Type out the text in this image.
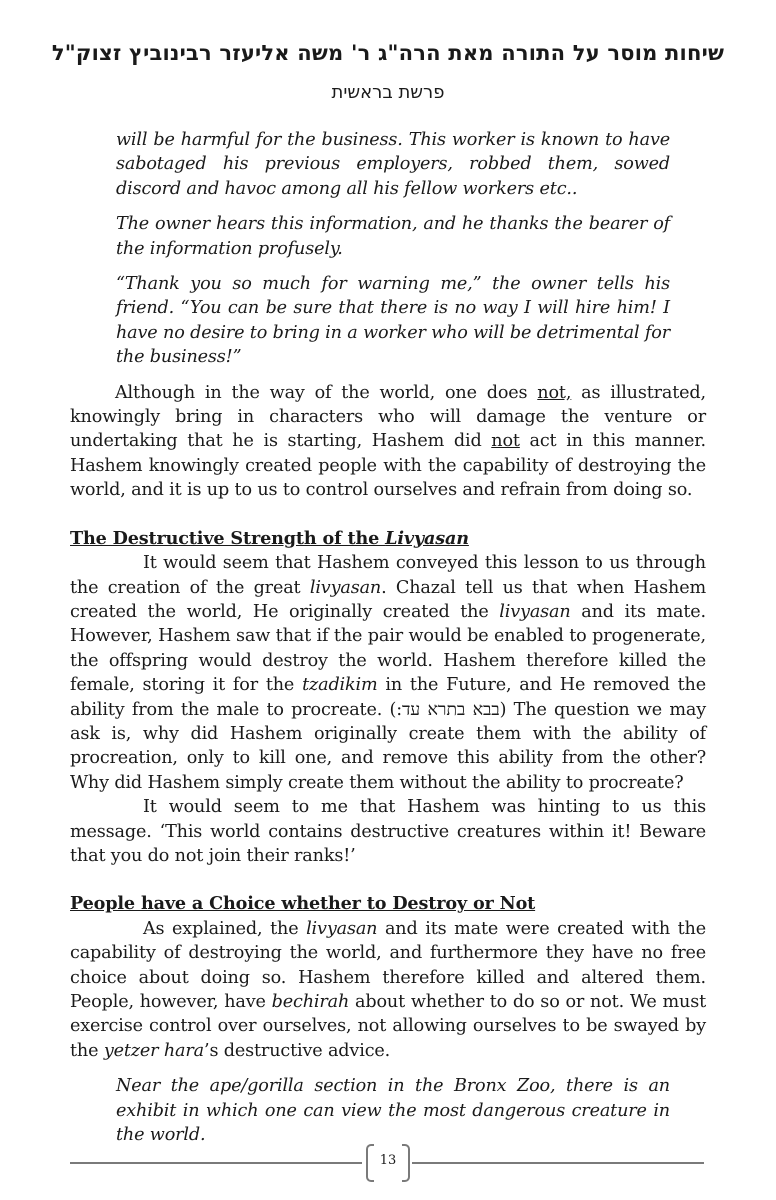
שיחות מוסר על התורה מאת הרה"ג ר' משה אליעזר רבינוביץ זצוק"ל
פרשת בראשית

will be harmful for the business. This worker is known to have sabotaged his previous employers, robbed them, sowed discord and havoc among all his fellow workers etc..

The owner hears this information, and he thanks the bearer of the information profusely.

“Thank you so much for warning me,” the owner tells his friend. “You can be sure that there is no way I will hire him! I have no desire to bring in a worker who will be detrimental for the business!”

Although in the way of the world, one does not, as illustrated, knowingly bring in characters who will damage the venture or undertaking that he is starting, Hashem did not act in this manner. Hashem knowingly created people with the capability of destroying the world, and it is up to us to control ourselves and refrain from doing so.

The Destructive Strength of the Livyasan

It would seem that Hashem conveyed this lesson to us through the creation of the great livyasan. Chazal tell us that when Hashem created the world, He originally created the livyasan and its mate. However, Hashem saw that if the pair would be enabled to progenerate, the offspring would destroy the world. Hashem therefore killed the female, storing it for the tzadikim in the Future, and He removed the ability from the male to procreate. (בבא בתרא עד:) The question we may ask is, why did Hashem originally create them with the ability of procreation, only to kill one, and remove this ability from the other? Why did Hashem simply create them without the ability to procreate?

It would seem to me that Hashem was hinting to us this message. ‘This world contains destructive creatures within it! Beware that you do not join their ranks!’

People have a Choice whether to Destroy or Not

As explained, the livyasan and its mate were created with the capability of destroying the world, and furthermore they have no free choice about doing so. Hashem therefore killed and altered them. People, however, have bechirah about whether to do so or not. We must exercise control over ourselves, not allowing ourselves to be swayed by the yetzer hara’s destructive advice.

Near the ape/gorilla section in the Bronx Zoo, there is an exhibit in which one can view the most dangerous creature in the world.

13
